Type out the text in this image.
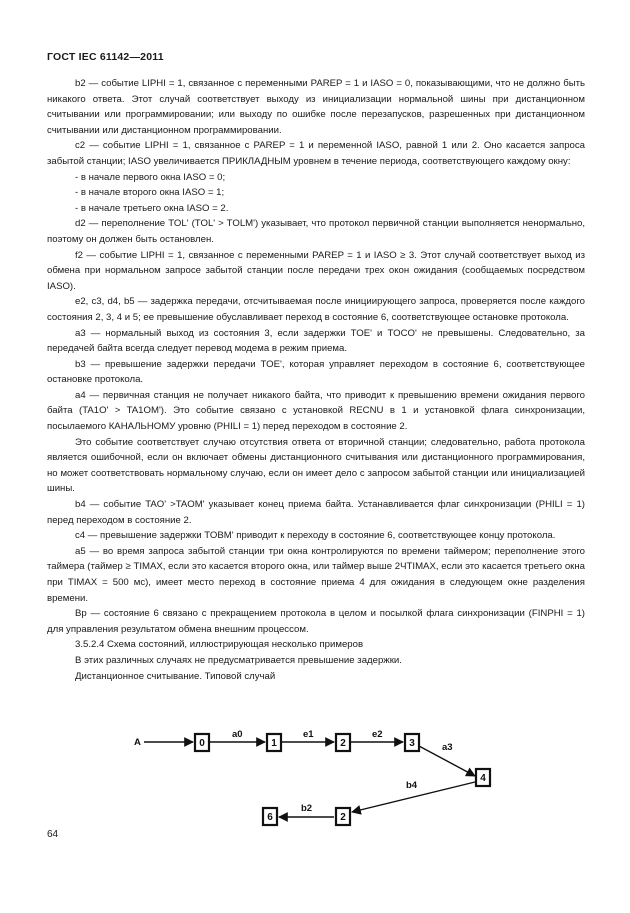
ГОСТ IEC 61142—2011

b2 — событие LIPHI = 1, связанное с переменными PAREP = 1 и IASO = 0, показывающими, что не должно быть никакого ответа. Этот случай соответствует выходу из инициализации нормальной шины при дистанционном считывании или программировании; или выходу по ошибке после перезапусков, разрешенных при дистанционном считывании или дистанционном программировании.

c2 — событие LIPHI = 1, связанное с PAREP = 1 и переменной IASO, равной 1 или 2. Оно касается запроса забытой станции; IASO увеличивается ПРИКЛАДНЫМ уровнем в течение периода, соответствующего каждому окну:

- в начале первого окна IASO = 0;

- в начале второго окна IASO = 1;

- в начале третьего окна IASO = 2.

d2 — переполнение TOL' (TOL' > TOLM') указывает, что протокол первичной станции выполняется ненормально, поэтому он должен быть остановлен.

f2 — событие LIPHI = 1, связанное с переменными PAREP = 1 и IASO ≥ 3. Этот случай соответствует выход из обмена при нормальном запросе забытой станции после передачи трех окон ожидания (сообщаемых посредством IASO).

e2, c3, d4, b5 — задержка передачи, отсчитываемая после инициирующего запроса, проверяется после каждого состояния 2, 3, 4 и 5; ее превышение обуславливает переход в состояние 6, соответствующее остановке протокола.

a3 — нормальный выход из состояния 3, если задержки TOE' и TOCO' не превышены. Следовательно, за передачей байта всегда следует перевод модема в режим приема.

b3 — превышение задержки передачи TOE', которая управляет переходом в состояние 6, соответствующее остановке протокола.

a4 — первичная станция не получает никакого байта, что приводит к превышению времени ожидания первого байта (TA1O' > TA1OM'). Это событие связано с установкой RECNU в 1 и установкой флага синхронизации, посылаемого КАНАЛЬНОМУ уровню (PHILI = 1) перед переходом в состояние 2.

Это событие соответствует случаю отсутствия ответа от вторичной станции; следовательно, работа протокола является ошибочной, если он включает обмены дистанционного считывания или дистанционного программирования, но может соответствовать нормальному случаю, если он имеет дело с запросом забытой станции или инициализацией шины.

b4 — событие TAO' >TAOM' указывает конец приема байта. Устанавливается флаг синхронизации (PHILI = 1) перед переходом в состояние 2.

c4 — превышение задержки TOBM' приводит к переходу в состояние 6, соответствующее концу протокола.

a5 — во время запроса забытой станции три окна контролируются по времени таймером; переполнение этого таймера (таймер ≥ TIMAX, если это касается второго окна, или таймер выше 2ЧTIMAX, если это касается третьего окна при TIMAX = 500 мс), имеет место переход в состояние приема 4 для ожидания в следующем окне разделения времени.

Bp — состояние 6 связано с прекращением протокола в целом и посылкой флага синхронизации (FINPHI = 1) для управления результатом обмена внешним процессом.

3.5.2.4 Схема состояний, иллюстрирующая несколько примеров

В этих различных случаях не предусматривается превышение задержки.

Дистанционное считывание. Типовой случай

A
a0	e1	e2
a3
b4
b2
0	1	2	3
4
2
6
64
